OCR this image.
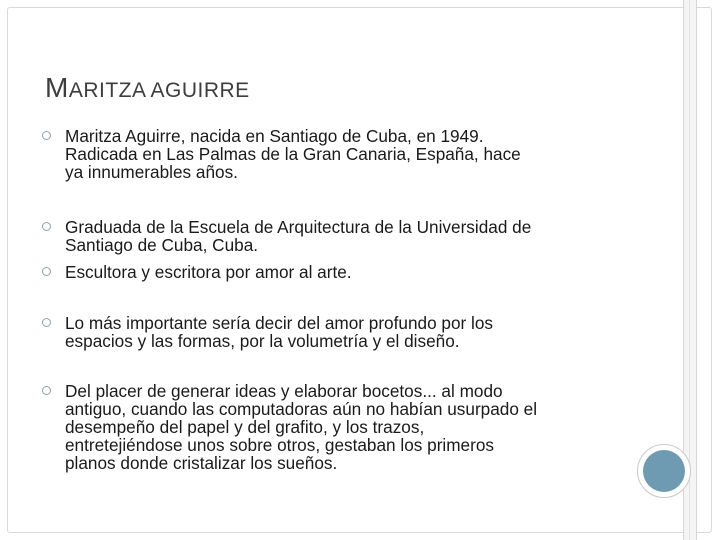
MARITZA AGUIRRE
Maritza Aguirre, nacida en Santiago de Cuba, en 1949.
Radicada en Las Palmas de la Gran Canaria, España, hace
ya innumerables años.
Graduada de la Escuela de Arquitectura de la Universidad de
Santiago de Cuba, Cuba.
Escultora y escritora por amor al arte.
Lo más importante sería decir del amor profundo por los
espacios y las formas, por la volumetría y el diseño.
Del placer de generar ideas y elaborar bocetos... al modo
antiguo, cuando las computadoras aún no habían usurpado el
desempeño del papel y del grafito, y los trazos,
entretejiéndose unos sobre otros, gestaban los primeros
planos donde cristalizar los sueños.
